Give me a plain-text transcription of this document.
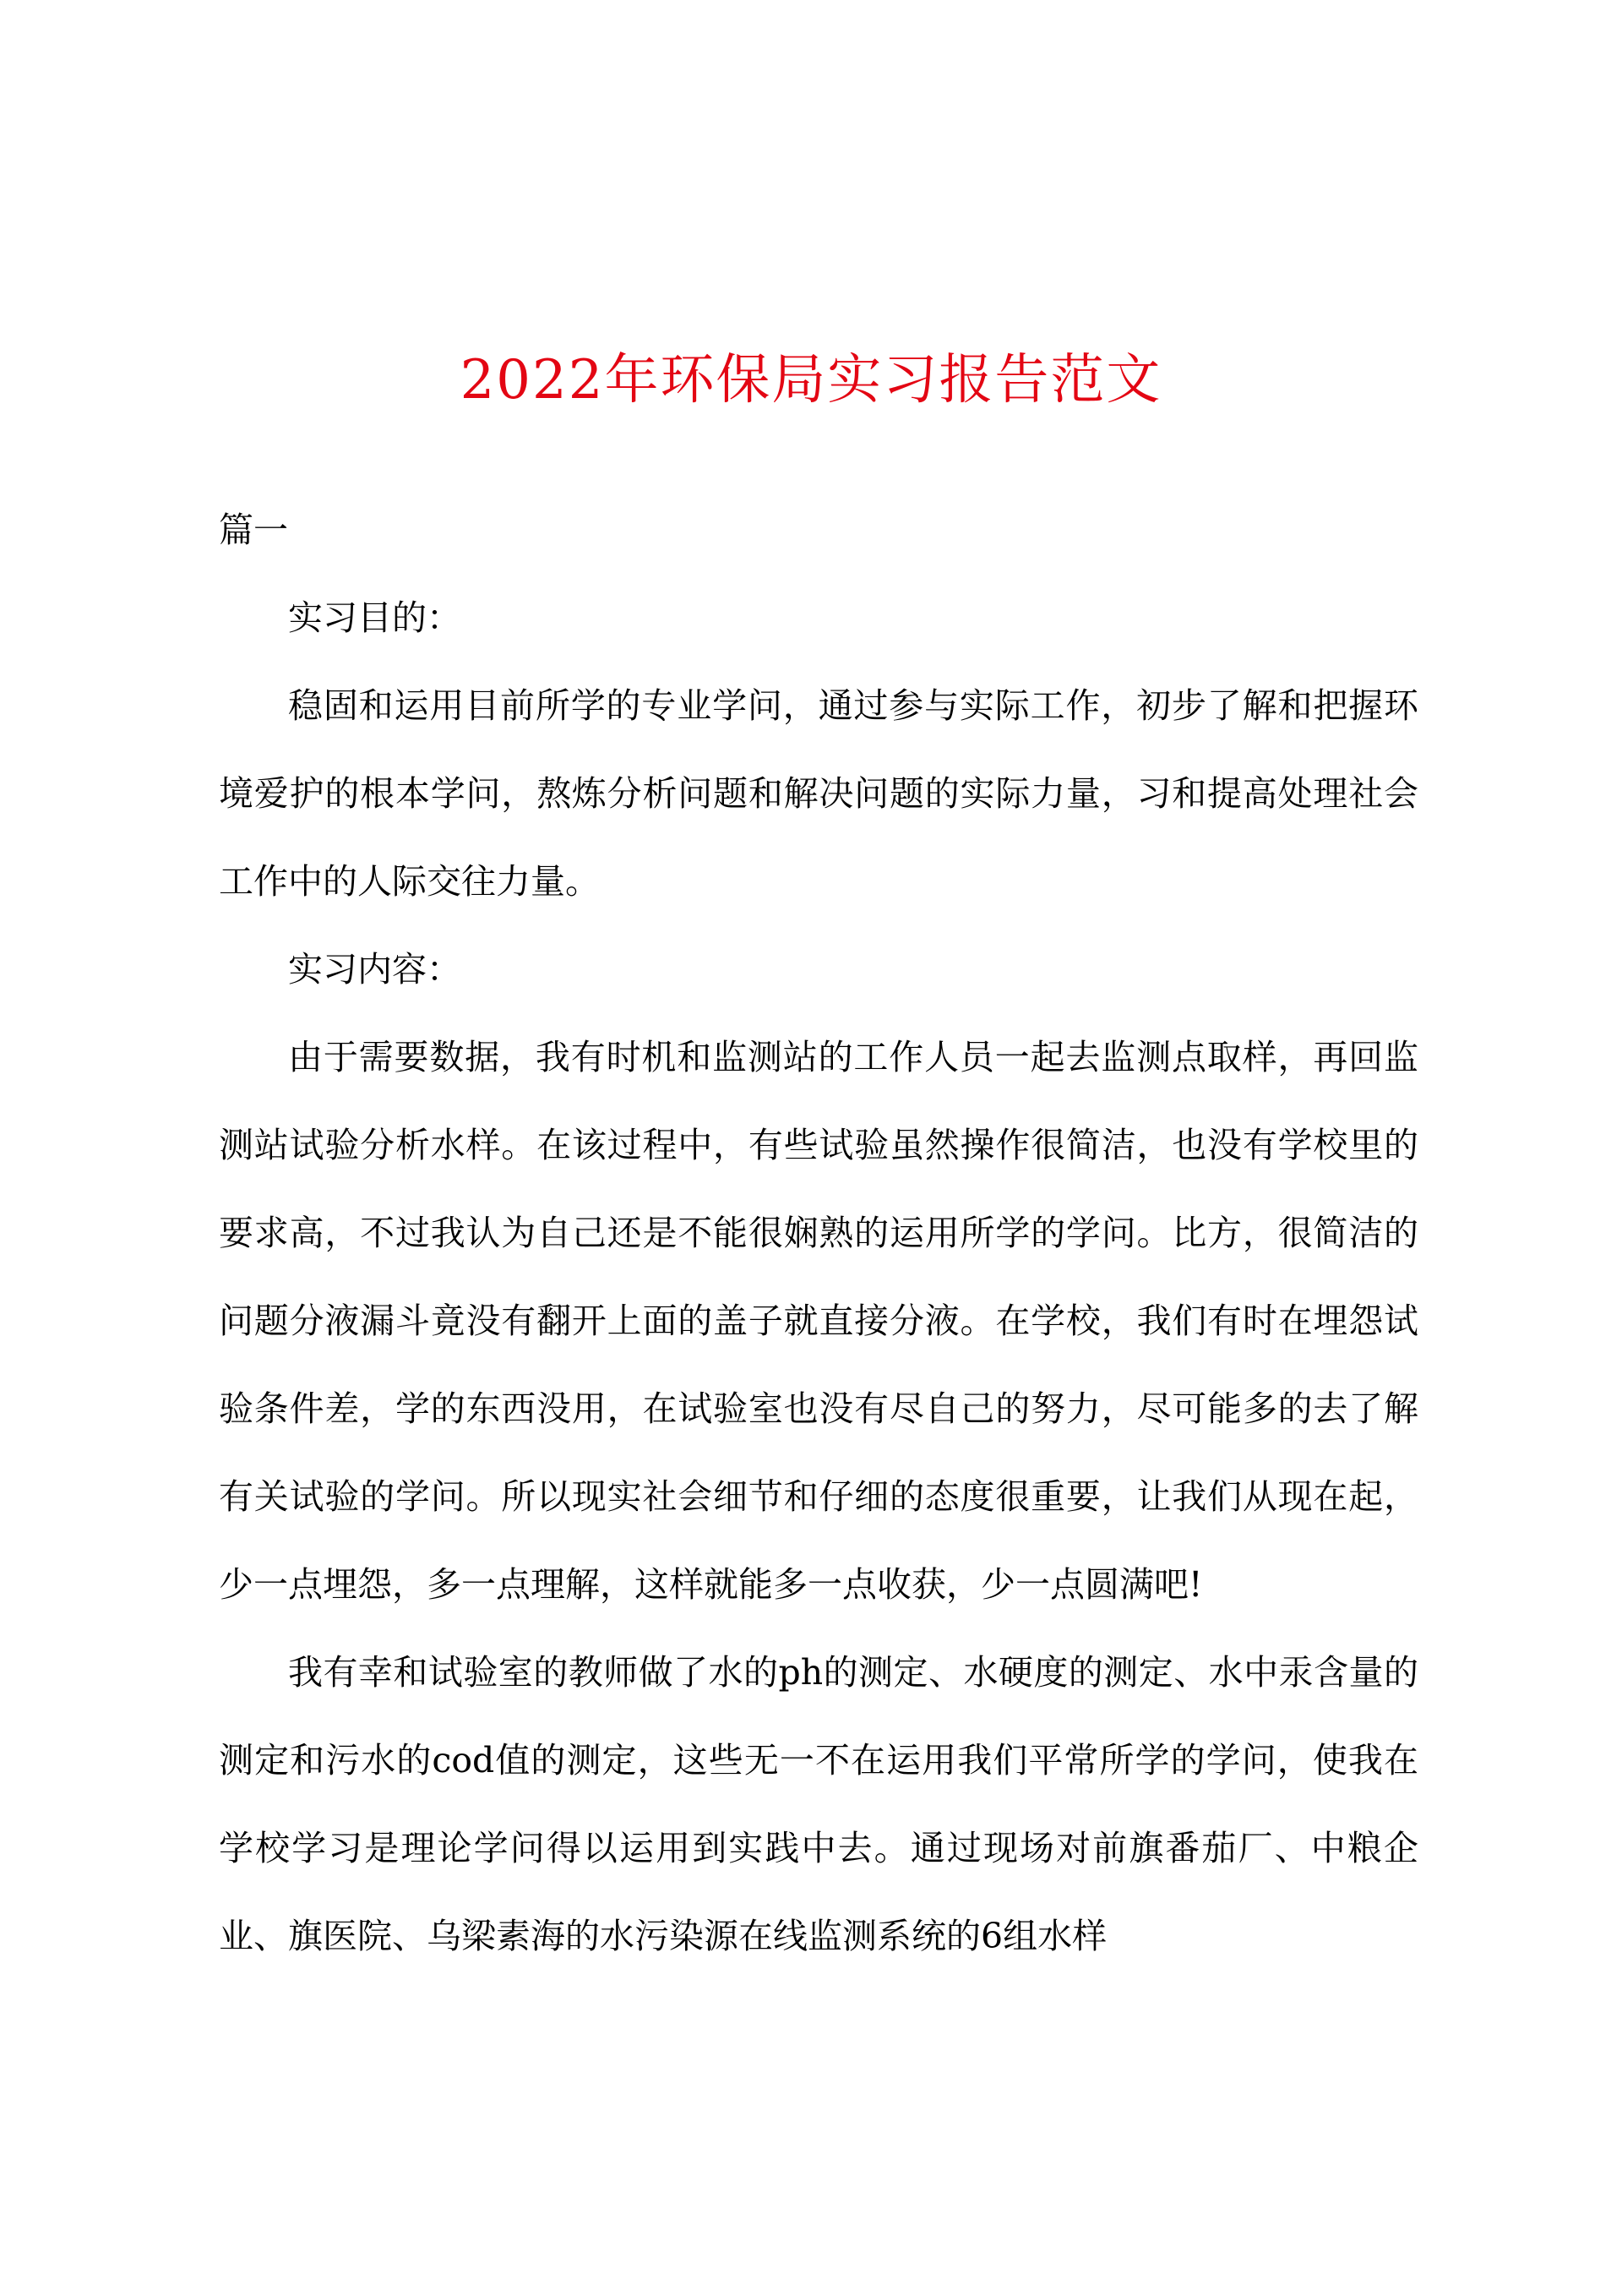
2022年环保局实习报告范文

篇一

实习目的：

稳固和运用目前所学的专业学问，通过参与实际工作，初步了解和把握环境爱护的根本学问，熬炼分析问题和解决问题的实际力量，习和提高处理社会工作中的人际交往力量。

实习内容：

由于需要数据，我有时机和监测站的工作人员一起去监测点取样，再回监测站试验分析水样。在该过程中，有些试验虽然操作很简洁，也没有学校里的要求高，不过我认为自己还是不能很娴熟的运用所学的学问。比方，很简洁的问题分液漏斗竟没有翻开上面的盖子就直接分液。在学校，我们有时在埋怨试验条件差，学的东西没用，在试验室也没有尽自己的努力，尽可能多的去了解有关试验的学问。所以现实社会细节和仔细的态度很重要，让我们从现在起，少一点埋怨，多一点理解，这样就能多一点收获，少一点圆满吧!

我有幸和试验室的教师做了水的ph的测定、水硬度的测定、水中汞含量的测定和污水的cod值的测定，这些无一不在运用我们平常所学的学问，使我在学校学习是理论学问得以运用到实践中去。通过现场对前旗番茄厂、中粮企业、旗医院、乌梁素海的水污染源在线监测系统的6组水样
